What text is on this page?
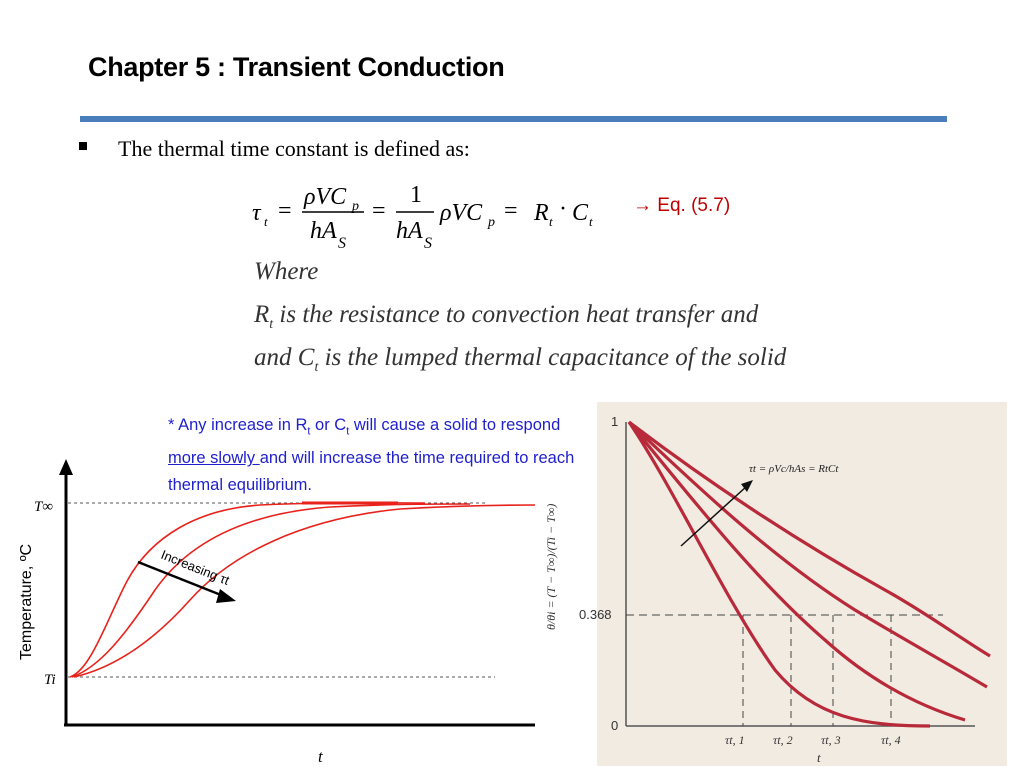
Chapter 5 : Transient Conduction
The thermal time constant is defined as:
τ t =
ρVC p
hA S
=
1
hA S
ρVC p = R t · C t
→ Eq. (5.7)
Where
$R_t$ is the resistance to convection heat transfer and
and $C_t$ is the lumped thermal capacitance of the solid
* Any increase in $R_t$ or $C_t$ will cause a solid to respond more slowly and will increase the time required to reach thermal equilibrium.
T∞
Ti
Temperature, ºC
t
Increasing τt
1
0.368
0
τt, 1 τt, 2 τt, 3	τt, 4
t
θ/θi = (T − T∞)/(Ti − T∞)
τt = ρVc/hAs = RtCt
